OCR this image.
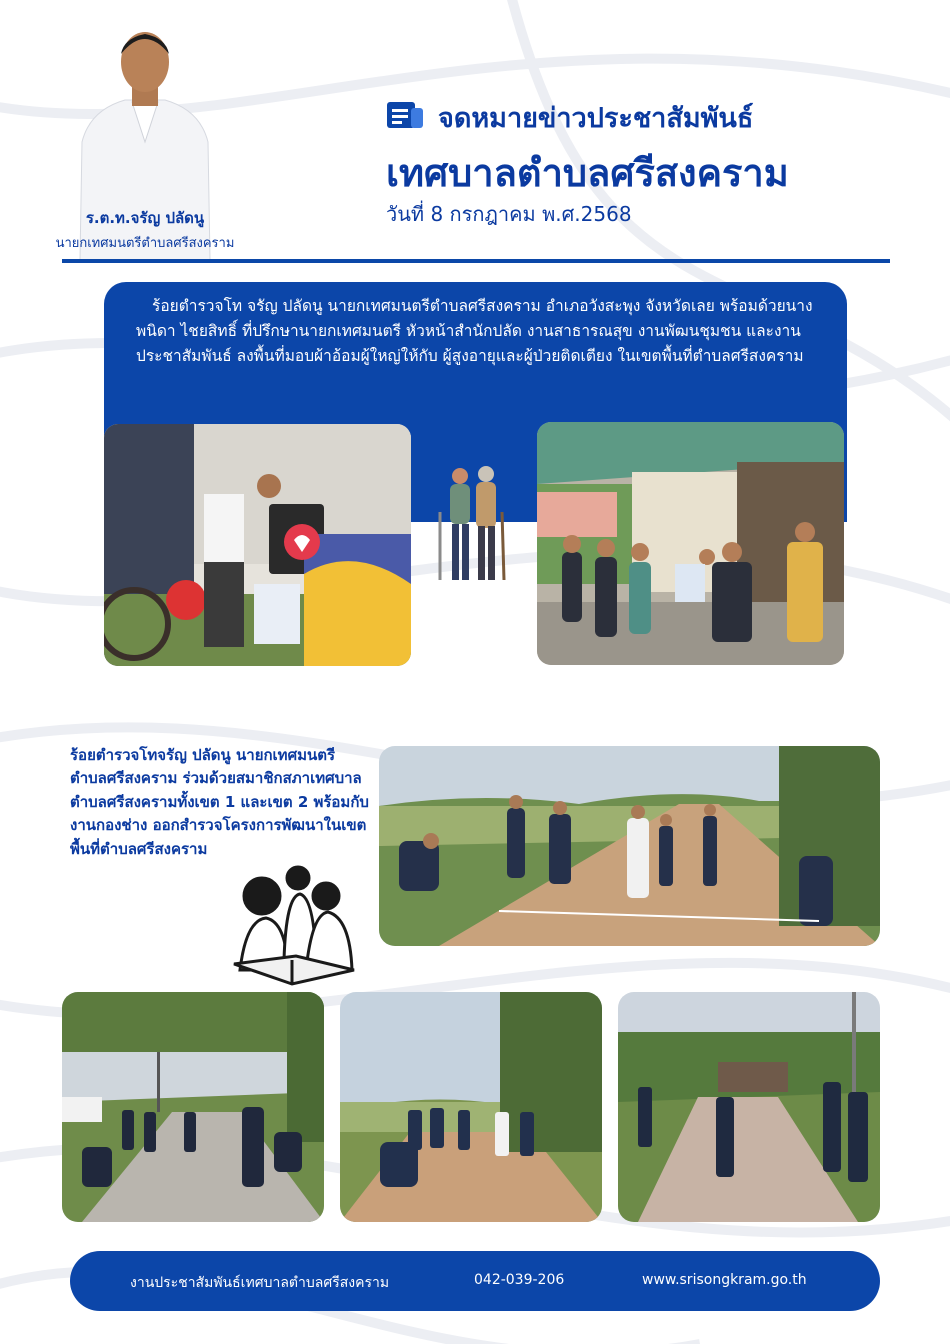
ร.ต.ท.จรัญ ปลัดนู
นายกเทศมนตรีตำบลศรีสงคราม
จดหมายข่าวประชาสัมพันธ์
เทศบาลตำบลศรีสงคราม
วันที่ 8 กรกฎาคม พ.ศ.2568

ร้อยตำรวจโท จรัญ ปลัดนู นายกเทศมนตรีตำบลศรีสงคราม อำเภอวังสะพุง จังหวัดเลย พร้อมด้วยนางพนิดา ไชยสิทธิ์ ที่ปรึกษานายกเทศมนตรี หัวหน้าสำนักปลัด งานสาธารณสุข งานพัฒนชุมชน และงานประชาสัมพันธ์ ลงพื้นที่มอบผ้าอ้อมผู้ใหญ่ให้กับ ผู้สูงอายุและผู้ป่วยติดเตียง ในเขตพื้นที่ตำบลศรีสงคราม

ร้อยตำรวจโทจรัญ ปลัดนู นายกเทศมนตรีตำบลศรีสงคราม ร่วมด้วยสมาชิกสภาเทศบาลตำบลศรีสงครามทั้งเขต 1 และเขต 2 พร้อมกับงานกองช่าง ออกสำรวจโครงการพัฒนาในเขตพื้นที่ตำบลศรีสงคราม
งานประชาสัมพันธ์เทศบาลตำบลศรีสงคราม	042-039-206	www.srisongkram.go.th
